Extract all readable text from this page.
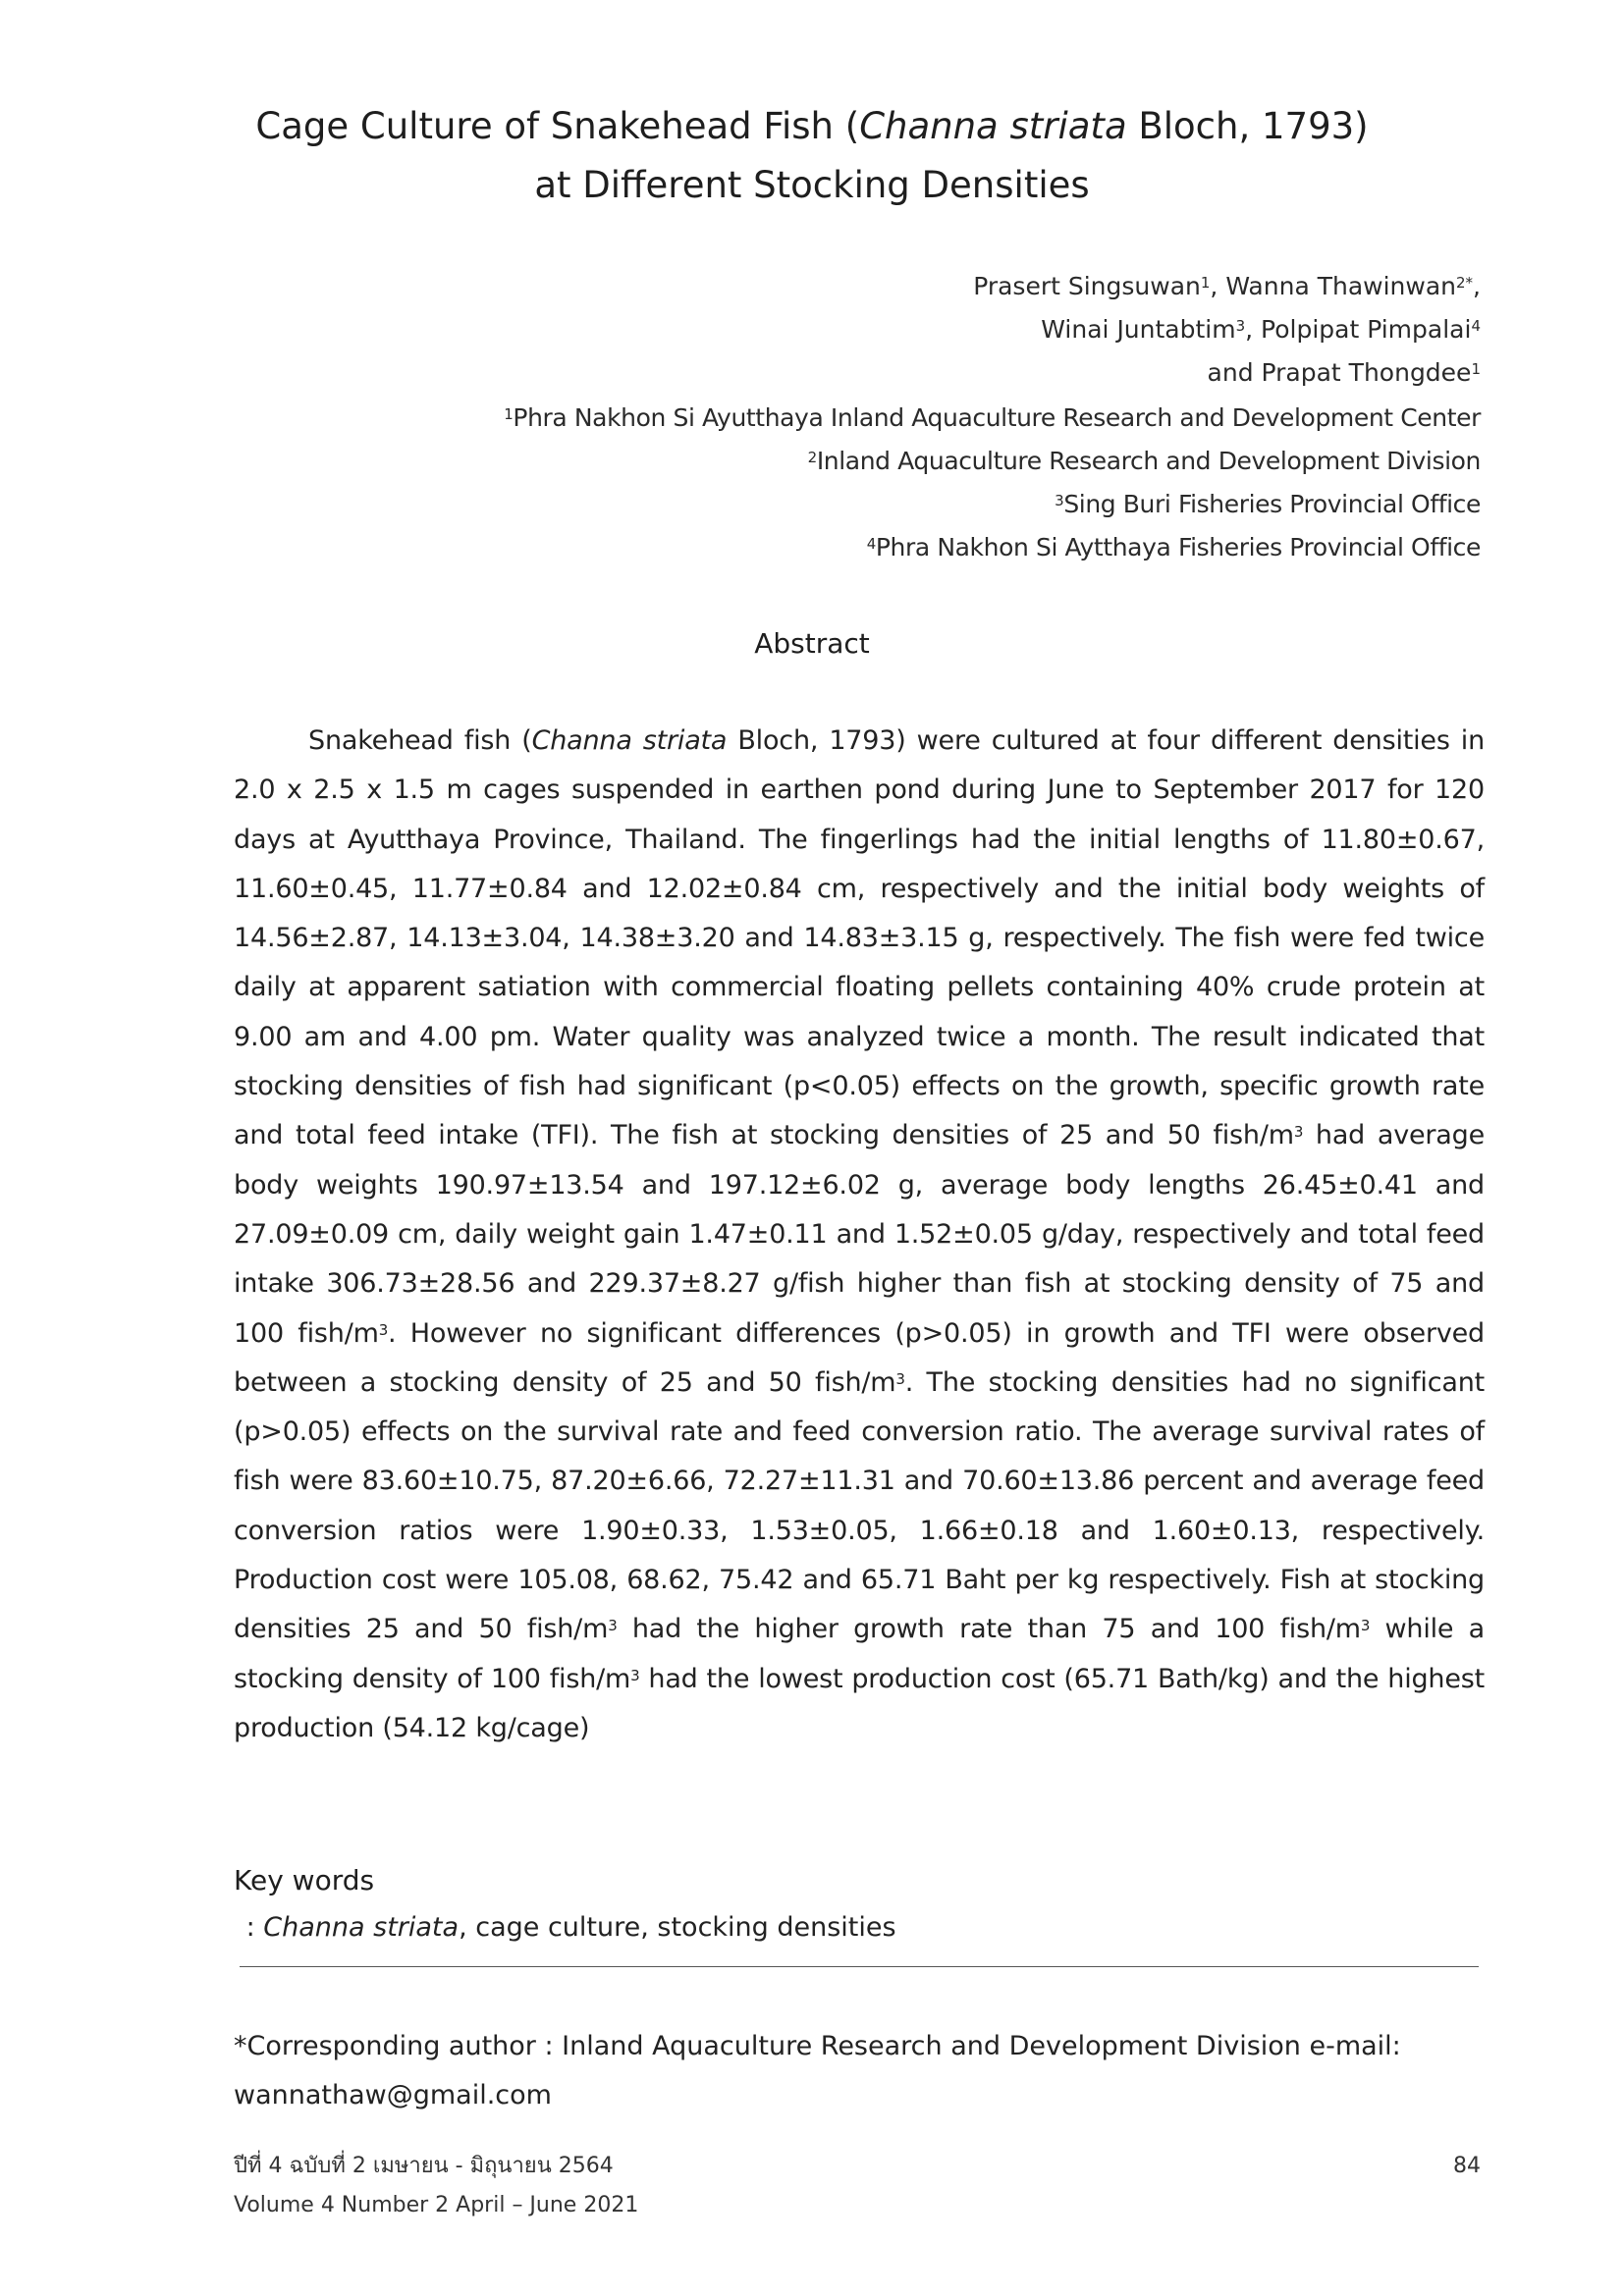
Cage Culture of Snakehead Fish (Channa striata Bloch, 1793)
at Different Stocking Densities
Prasert Singsuwan$^1$, Wanna Thawinwan$^{2*}$,
Winai Juntabtim$^3$, Polpipat Pimpalai$^4$
and Prapat Thongdee$^1$
$^1$Phra Nakhon Si Ayutthaya Inland Aquaculture Research and Development Center
$^2$Inland Aquaculture Research and Development Division
$^3$Sing Buri Fisheries Provincial Office
$^4$Phra Nakhon Si Aytthaya Fisheries Provincial Office
Abstract
Snakehead fish (Channa striata Bloch, 1793) were cultured at four different densities in 2.0 x 2.5 x 1.5 m cages suspended in earthen pond during June to September 2017 for 120 days at Ayutthaya Province, Thailand. The fingerlings had the initial lengths of 11.80±0.67, 11.60±0.45, 11.77±0.84 and 12.02±0.84 cm, respectively and the initial body weights of 14.56±2.87, 14.13±3.04, 14.38±3.20 and 14.83±3.15 g, respectively. The fish were fed twice daily at apparent satiation with commercial floating pellets containing 40% crude protein at 9.00 am and 4.00 pm. Water quality was analyzed twice a month. The result indicated that stocking densities of fish had significant (p<0.05) effects on the growth, specific growth rate and total feed intake (TFI). The fish at stocking densities of 25 and 50 fish/$m^3$ had average body weights 190.97±13.54 and 197.12±6.02 g, average body lengths 26.45±0.41 and 27.09±0.09 cm, daily weight gain 1.47±0.11 and 1.52±0.05 g/day, respectively and total feed intake 306.73±28.56 and 229.37±8.27 g/fish higher than fish at stocking density of 75 and 100 fish/$m^3$. However no significant differences (p>0.05) in growth and TFI were observed between a stocking density of 25 and 50 fish/$m^3$. The stocking densities had no significant (p>0.05) effects on the survival rate and feed conversion ratio. The average survival rates of fish were 83.60±10.75, 87.20±6.66, 72.27±11.31 and 70.60±13.86 percent and average feed conversion ratios were 1.90±0.33, 1.53±0.05, 1.66±0.18 and 1.60±0.13, respectively. Production cost were 105.08, 68.62, 75.42 and 65.71 Baht per kg respectively. Fish at stocking densities 25 and 50 fish/$m^3$ had the higher growth rate than 75 and 100 fish/$m^3$ while a stocking density of 100 fish/$m^3$ had the lowest production cost (65.71 Bath/kg) and the highest production (54.12 kg/cage)
Key words
: Channa striata, cage culture, stocking densities
*Corresponding author : Inland Aquaculture Research and Development Division e-mail: wannathaw@gmail.com
ปีที่ 4 ฉบับที่ 2 เมษายน - มิถุนายน 2564
Volume 4 Number 2 April – June 2021
84
